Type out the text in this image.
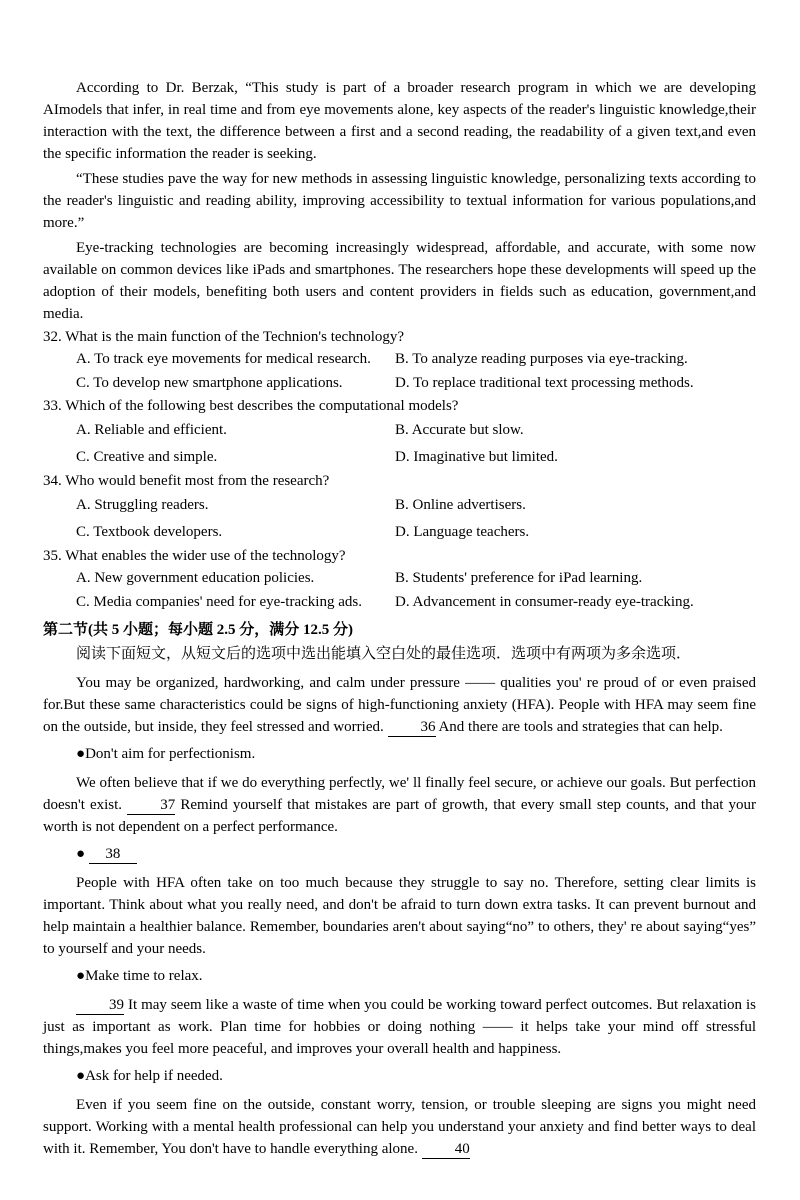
According to Dr. Berzak, “This study is part of a broader research program in which we are developing AImodels that infer, in real time and from eye movements alone, key aspects of the reader's linguistic knowledge,their interaction with the text, the difference between a first and a second reading, the readability of a given text,and even the specific information the reader is seeking.

“These studies pave the way for new methods in assessing linguistic knowledge, personalizing texts according to the reader's linguistic and reading ability, improving accessibility to textual information for various populations,and more.”

Eye-tracking technologies are becoming increasingly widespread, affordable, and accurate, with some now available on common devices like iPads and smartphones. The researchers hope these developments will speed up the adoption of their models, benefiting both users and content providers in fields such as education, government,and media.

32. What is the main function of the Technion's technology?

A. To track eye movements for medical research.	B. To analyze reading purposes via eye-tracking.

C. To develop new smartphone applications.	D. To replace traditional text processing methods.

33. Which of the following best describes the computational models?

A. Reliable and efficient.	B. Accurate but slow.

C. Creative and simple.	D. Imaginative but limited.

34. Who would benefit most from the research?

A. Struggling readers.	B. Online advertisers.

C. Textbook developers.	D. Language teachers.

35. What enables the wider use of the technology?

A. New government education policies.	B. Students' preference for iPad learning.

C. Media companies' need for eye-tracking ads.	D. Advancement in consumer-ready eye-tracking.

第二节(共 5 小题；每小题 2.5 分，满分 12.5 分)

阅读下面短文，从短文后的选项中选出能填入空白处的最佳选项．选项中有两项为多余选项．

You may be organized, hardworking, and calm under pressure —— qualities you' re proud of or even praised for.But these same characteristics could be signs of high-functioning anxiety (HFA). People with HFA may seem fine on the outside, but inside, they feel stressed and worried. 36 And there are tools and strategies that can help.

●Don't aim for perfectionism.

We often believe that if we do everything perfectly, we' ll finally feel secure, or achieve our goals. But perfection doesn't exist.	37 Remind yourself that mistakes are part of growth, that every small step counts, and that your worth is not dependent on a perfect performance.

● 38

People with HFA often take on too much because they struggle to say no. Therefore, setting clear limits is important. Think about what you really need, and don't be afraid to turn down extra tasks. It can prevent burnout and help maintain a healthier balance. Remember, boundaries aren't about saying“no” to others, they' re about saying“yes” to yourself and your needs.

●Make time to relax.

39 It may seem like a waste of time when you could be working toward perfect outcomes. But relaxation is just as important as work. Plan time for hobbies or doing nothing —— it helps take your mind off stressful things,makes you feel more peaceful, and improves your overall health and happiness.

●Ask for help if needed.

Even if you seem fine on the outside, constant worry, tension, or trouble sleeping are signs you might need support. Working with a mental health professional can help you understand your anxiety and find better ways to deal with it. Remember, You don't have to handle everything alone. 40
